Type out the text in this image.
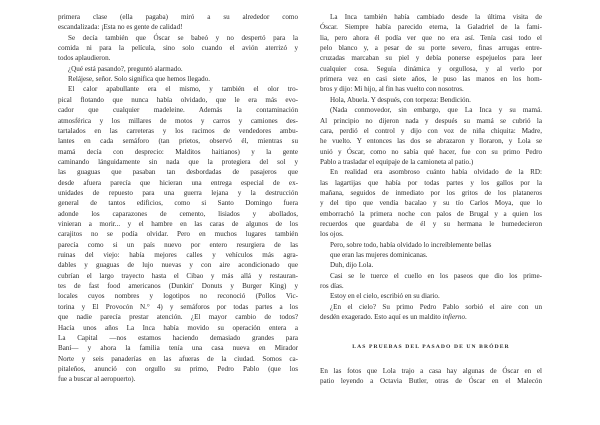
primera clase (ella pagaba) miró a su alrededor como
escandalizada: ¡Esta no es gente de calidad!
Se decía también que Óscar se babeó y no despertó para la
comida ni para la película, sino solo cuando el avión aterrizó y
todos aplaudieron.
¿Qué está pasando?, preguntó alarmado.
Relájese, señor. Solo significa que hemos llegado.
El calor apabullante era el mismo, y también el olor tro-
pical flotando que nunca había olvidado, que le era más evo-
cador que cualquier madeleine. Además la contaminación
atmosférica y los millares de motos y carros y camiones des-
tartalados en las carreteras y los racimos de vendedores ambu-
lantes en cada semáforo (tan prietos, observó él, mientras su
mamá decía con desprecio: Malditos haitianos) y la gente
caminando lánguidamente sin nada que la protegiera del sol y
las guaguas que pasaban tan desbordadas de pasajeros que
desde afuera parecía que hicieran una entrega especial de ex-
unidades de repuesto para una guerra lejana y la destrucción
general de tantos edificios, como si Santo Domingo fuera
adonde los caparazones de cemento, lisiados y abollados,
vinieran a morir... y el hambre en las caras de algunos de los
carajitos no se podía olvidar. Pero en muchos lugares también
parecía como si un país nuevo por entero resurgiera de las
ruinas del viejo: había mejores calles y vehículos más agra-
dables y guaguas de lujo nuevas y con aire acondicionado que
cubrían el largo trayecto hasta el Cibao y más allá y restauran-
tes de fast food americanos (Dunkin' Donuts y Burger King) y
locales cuyos nombres y logotipos no reconoció (Pollos Vic-
torina y El Provocón N.° 4) y semáforos por todas partes a los
que nadie parecía prestar atención. ¿El mayor cambio de todos?
Hacía unos años La Inca había movido su operación entera a
La Capital —nos estamos haciendo demasiado grandes para
Baní— y ahora la familia tenía una casa nueva en Mirador
Norte y seis panaderías en las afueras de la ciudad. Somos ca-
pitaleños, anunció con orgullo su primo, Pedro Pablo (que los
fue a buscar al aeropuerto).
LAS PRUEBAS DEL PASADO DE UN BRÓDER
La Inca también había cambiado desde la última visita de
Óscar. Siempre había parecido eterna, la Galadriel de la fami-
lia, pero ahora él podía ver que no era así. Tenía casi todo el
pelo blanco y, a pesar de su porte severo, finas arrugas entre-
cruzadas marcaban su piel y debía ponerse espejuelos para leer
cualquier cosa. Seguía dinámica y orgullosa, y al verlo por
primera vez en casi siete años, le puso las manos en los hom-
bros y dijo: Mi hijo, al fin has vuelto con nosotros.
Hola, Abuela. Y después, con torpeza: Bendición.
(Nada conmovedor, sin embargo, que La Inca y su mamá.
Al principio no dijeron nada y después su mamá se cubrió la
cara, perdió el control y dijo con voz de niña chiquita: Madre,
he vuelto. Y entonces las dos se abrazaron y lloraron, y Lola se
unió y Óscar, como no sabía qué hacer, fue con su primo Pedro
Pablo a trasladar el equipaje de la camioneta al patio.)
En realidad era asombroso cuánto había olvidado de la RD:
las lagartijas que había por todas partes y los gallos por la
mañana, seguidos de inmediato por los gritos de los plataneros
y del tipo que vendía bacalao y su tío Carlos Moya, que lo
emborrachó la primera noche con palos de Brugal y a quien los
recuerdos que guardaba de él y su hermana le humedecieron
los ojos.
Pero, sobre todo, había olvidado lo increíblemente bellas
que eran las mujeres dominicanas.
Duh, dijo Lola.
Casi se le tuerce el cuello en los paseos que dio los prime-
ros días.
Estoy en el cielo, escribió en su diario.
¿En el cielo? Su primo Pedro Pablo sorbió el aire con un
desdén exagerado. Esto aquí es un maldito infierno.
En las fotos que Lola trajo a casa hay algunas de Óscar en el
patio leyendo a Octavia Butler, otras de Óscar en el Malecón
